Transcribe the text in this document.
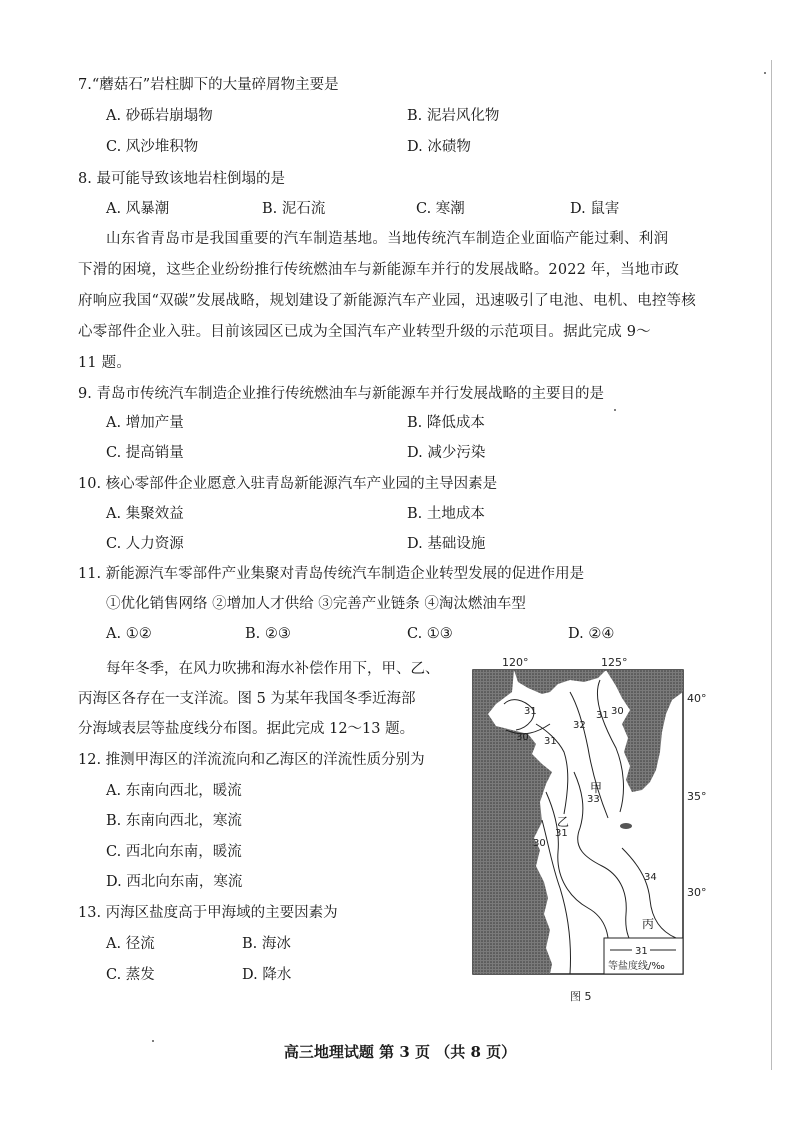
7.“蘑菇石”岩柱脚下的大量碎屑物主要是
A. 砂砾岩崩塌物	B. 泥岩风化物
C. 风沙堆积物	D. 冰碛物
8. 最可能导致该地岩柱倒塌的是
A. 风暴潮	B. 泥石流	C. 寒潮	D. 鼠害
山东省青岛市是我国重要的汽车制造基地。当地传统汽车制造企业面临产能过剩、利润
下滑的困境，这些企业纷纷推行传统燃油车与新能源车并行的发展战略。2022 年，当地市政
府响应我国“双碳”发展战略，规划建设了新能源汽车产业园，迅速吸引了电池、电机、电控等核
心零部件企业入驻。目前该园区已成为全国汽车产业转型升级的示范项目。据此完成 9～
11 题。
9. 青岛市传统汽车制造企业推行传统燃油车与新能源车并行发展战略的主要目的是
A. 增加产量	B. 降低成本
C. 提高销量	D. 减少污染
10. 核心零部件企业愿意入驻青岛新能源汽车产业园的主导因素是
A. 集聚效益	B. 土地成本
C. 人力资源	D. 基础设施
11. 新能源汽车零部件产业集聚对青岛传统汽车制造企业转型发展的促进作用是
①优化销售网络 ②增加人才供给 ③完善产业链条 ④淘汰燃油车型
A. ①②	B. ②③	C. ①③	D. ②④
每年冬季，在风力吹拂和海水补偿作用下，甲、乙、
丙海区各存在一支洋流。图 5 为某年我国冬季近海部
分海域表层等盐度线分布图。据此完成 12～13 题。
12. 推测甲海区的洋流流向和乙海区的洋流性质分别为
A. 东南向西北，暖流
B. 东南向西北，寒流
C. 西北向东南，暖流
D. 西北向东南，寒流
13. 丙海区盐度高于甲海域的主要因素为
A. 径流	B. 海冰
C. 蒸发	D. 降水
120°	125°
31
32
31 30
30 31
33
31
30
34
甲
乙
丙
40°
35°
30°
31
等盐度线/‰
图 5
高三地理试题 第 3 页 （共 8 页）
